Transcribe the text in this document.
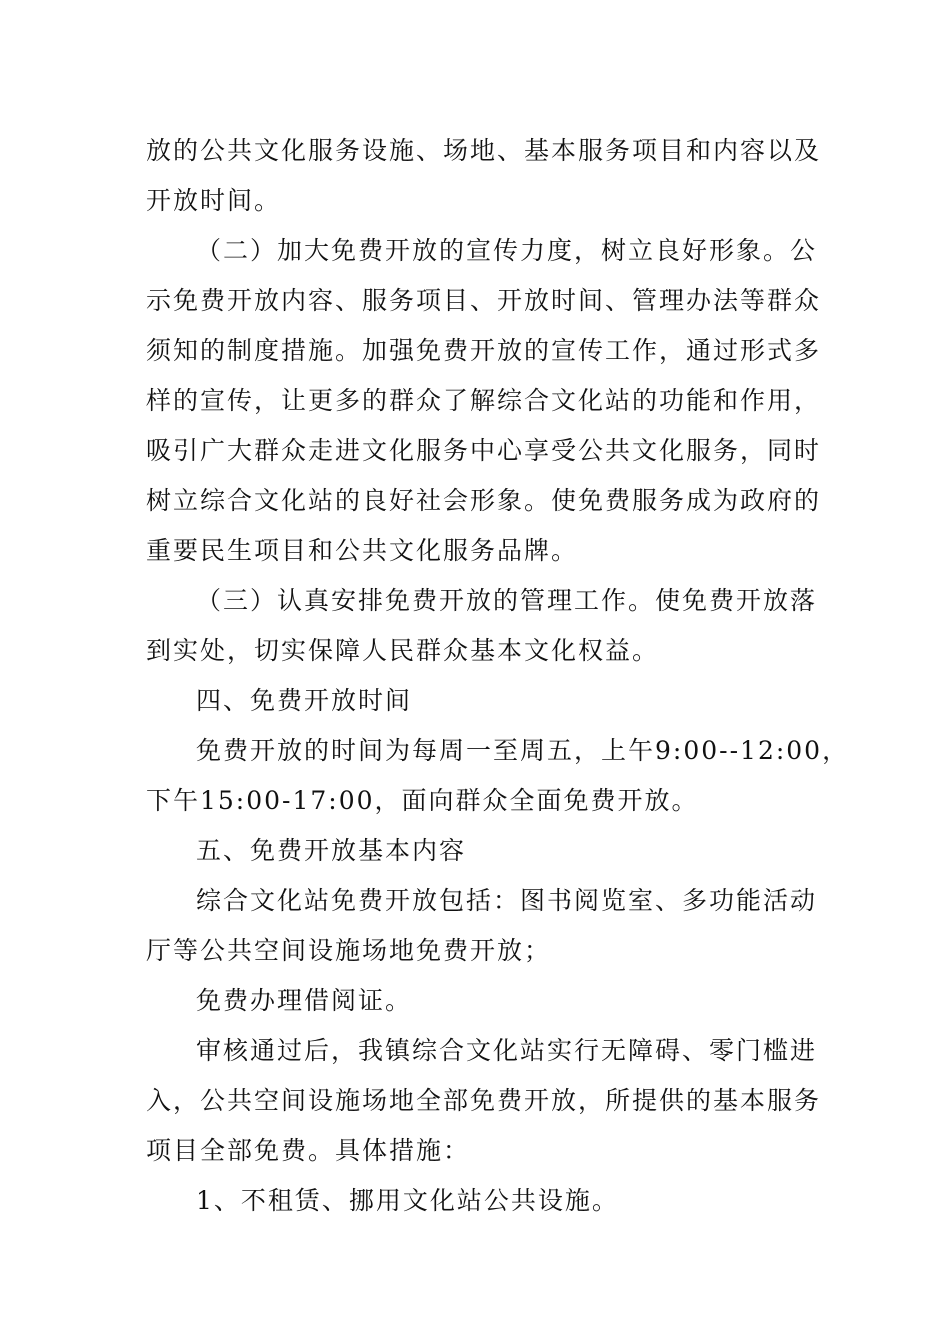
放的公共文化服务设施、场地、基本服务项目和内容以及
开放时间。
（二）加大免费开放的宣传力度，树立良好形象。公
示免费开放内容、服务项目、开放时间、管理办法等群众
须知的制度措施。加强免费开放的宣传工作，通过形式多
样的宣传，让更多的群众了解综合文化站的功能和作用，
吸引广大群众走进文化服务中心享受公共文化服务，同时
树立综合文化站的良好社会形象。使免费服务成为政府的
重要民生项目和公共文化服务品牌。
（三）认真安排免费开放的管理工作。使免费开放落
到实处，切实保障人民群众基本文化权益。
四、免费开放时间
免费开放的时间为每周一至周五，上午9:00--12:00，
下午15:00-17:00，面向群众全面免费开放。
五、免费开放基本内容
综合文化站免费开放包括：图书阅览室、多功能活动
厅等公共空间设施场地免费开放；
免费办理借阅证。
审核通过后，我镇综合文化站实行无障碍、零门槛进
入，公共空间设施场地全部免费开放，所提供的基本服务
项目全部免费。具体措施：
1、不租赁、挪用文化站公共设施。
